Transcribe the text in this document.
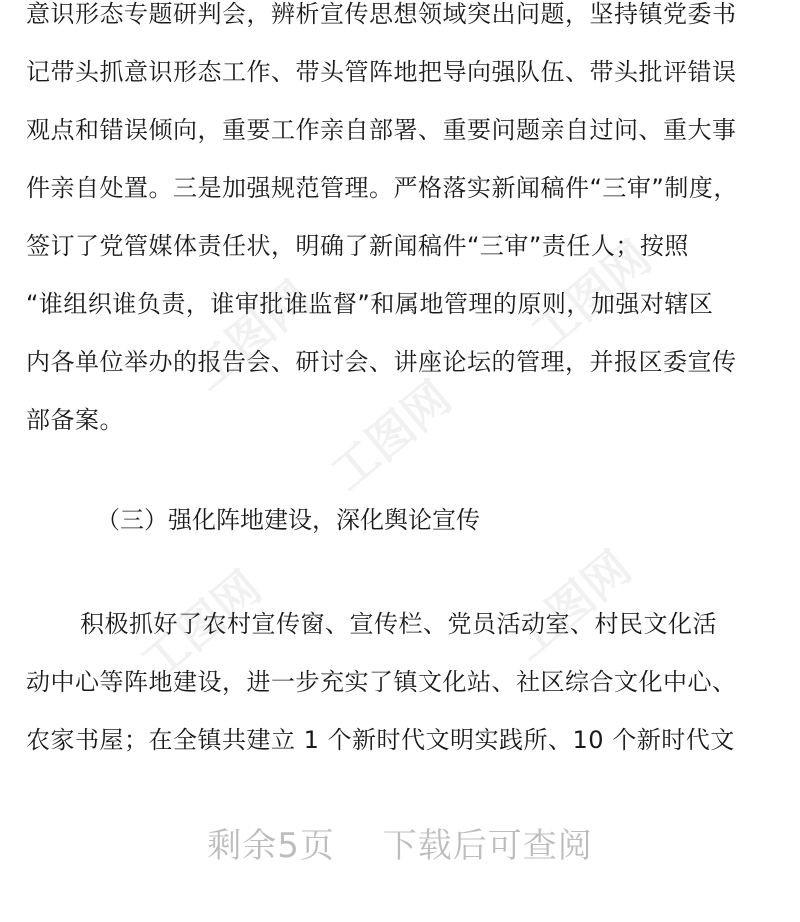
工图网
工图网
工图网	工图网
工图网
意识形态专题研判会，辨析宣传思想领域突出问题，坚持镇党委书
记带头抓意识形态工作、带头管阵地把导向强队伍、带头批评错误
观点和错误倾向，重要工作亲自部署、重要问题亲自过问、重大事
件亲自处置。三是加强规范管理。严格落实新闻稿件“三审”制度，
签订了党管媒体责任状，明确了新闻稿件“三审”责任人；按照
“谁组织谁负责，谁审批谁监督”和属地管理的原则，加强对辖区
内各单位举办的报告会、研讨会、讲座论坛的管理，并报区委宣传
部备案。
（三）强化阵地建设，深化舆论宣传
积极抓好了农村宣传窗、宣传栏、党员活动室、村民文化活
动中心等阵地建设，进一步充实了镇文化站、社区综合文化中心、
农家书屋；在全镇共建立 1 个新时代文明实践所、10 个新时代文
剩余5页 下载后可查阅
